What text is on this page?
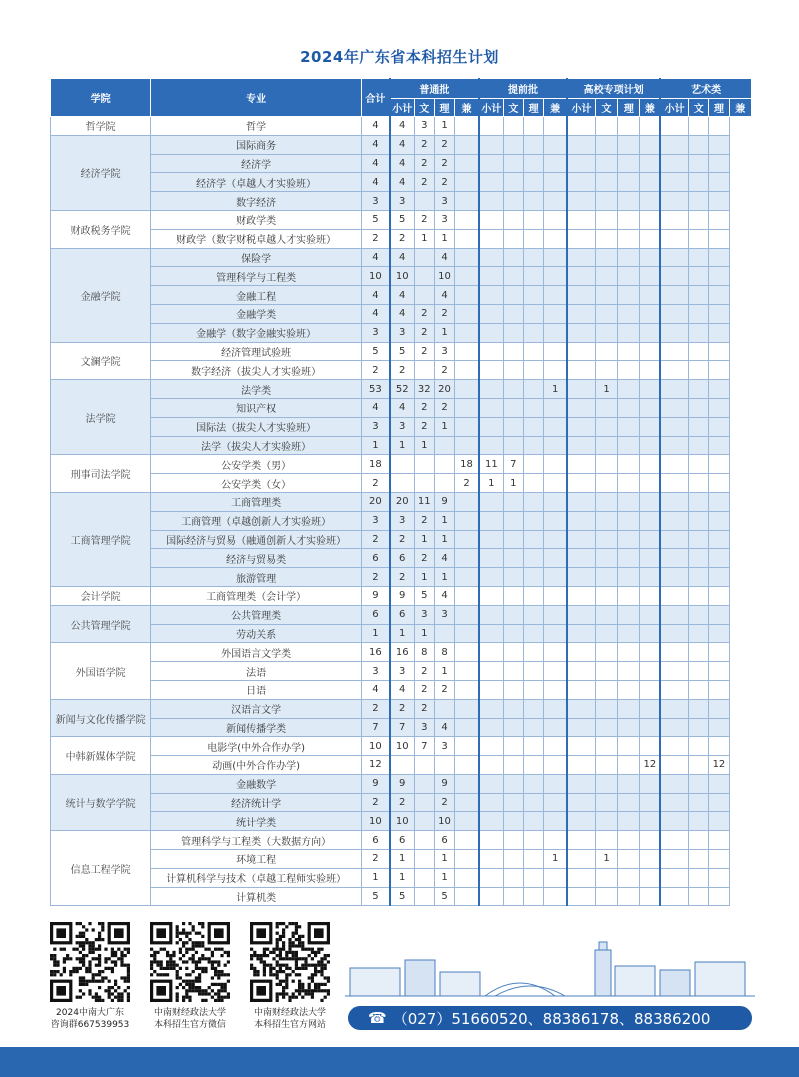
2024年广东省本科招生计划
学院	专业	合计	普通批				提前批				高校专项计划				艺术类			
			小计	文	理	兼	小计	文	理	兼	小计	文	理	兼	小计	文	理	兼
哲学院	哲学	4	4	3	1													
经济学院	国际商务	4	4	2	2													
	经济学	4	4	2	2													
	经济学（卓越人才实验班）	4	4	2	2													
	数字经济	3	3		3													
财政税务学院	财政学类	5	5	2	3													
	财政学（数字财税卓越人才实验班）	2	2	1	1													
金融学院	保险学	4	4		4													
	管理科学与工程类	10	10		10													
	金融工程	4	4		4													
	金融学类	4	4	2	2													
	金融学（数字金融实验班）	3	3	2	1													
文澜学院	经济管理试验班	5	5	2	3													
	数字经济（拔尖人才实验班）	2	2		2													
法学院	法学类	53	52	32	20					1		1						
	知识产权	4	4	2	2													
	国际法（拔尖人才实验班）	3	3	2	1													
	法学（拔尖人才实验班）	1	1	1														
刑事司法学院	公安学类（男）	18				18	11	7										
	公安学类（女）	2				2	1	1										
工商管理学院	工商管理类	20	20	11	9													
	工商管理（卓越创新人才实验班）	3	3	2	1													
	国际经济与贸易（融通创新人才实验班）	2	2	1	1													
	经济与贸易类	6	6	2	4													
	旅游管理	2	2	1	1													
会计学院	工商管理类（会计学）	9	9	5	4													
公共管理学院	公共管理类	6	6	3	3													
	劳动关系	1	1	1														
外国语学院	外国语言文学类	16	16	8	8													
	法语	3	3	2	1													
	日语	4	4	2	2													
新闻与文化传播学院	汉语言文学	2	2	2														
	新闻传播学类	7	7	3	4													
中韩新媒体学院	电影学(中外合作办学)	10	10	7	3													
	动画(中外合作办学)	12												12			12	
统计与数学学院	金融数学	9	9		9													
	经济统计学	2	2		2													
	统计学类	10	10		10													
信息工程学院	管理科学与工程类（大数据方向）	6	6		6													
	环境工程	2	1		1					1		1						
	计算机科学与技术（卓越工程师实验班）	1	1		1													
	计算机类	5	5		5													
2024中南大广东
咨询群667539953
中南财经政法大学
本科招生官方微信
中南财经政法大学
本科招生官方网站	☎ （027）51660520、88386178、88386200
